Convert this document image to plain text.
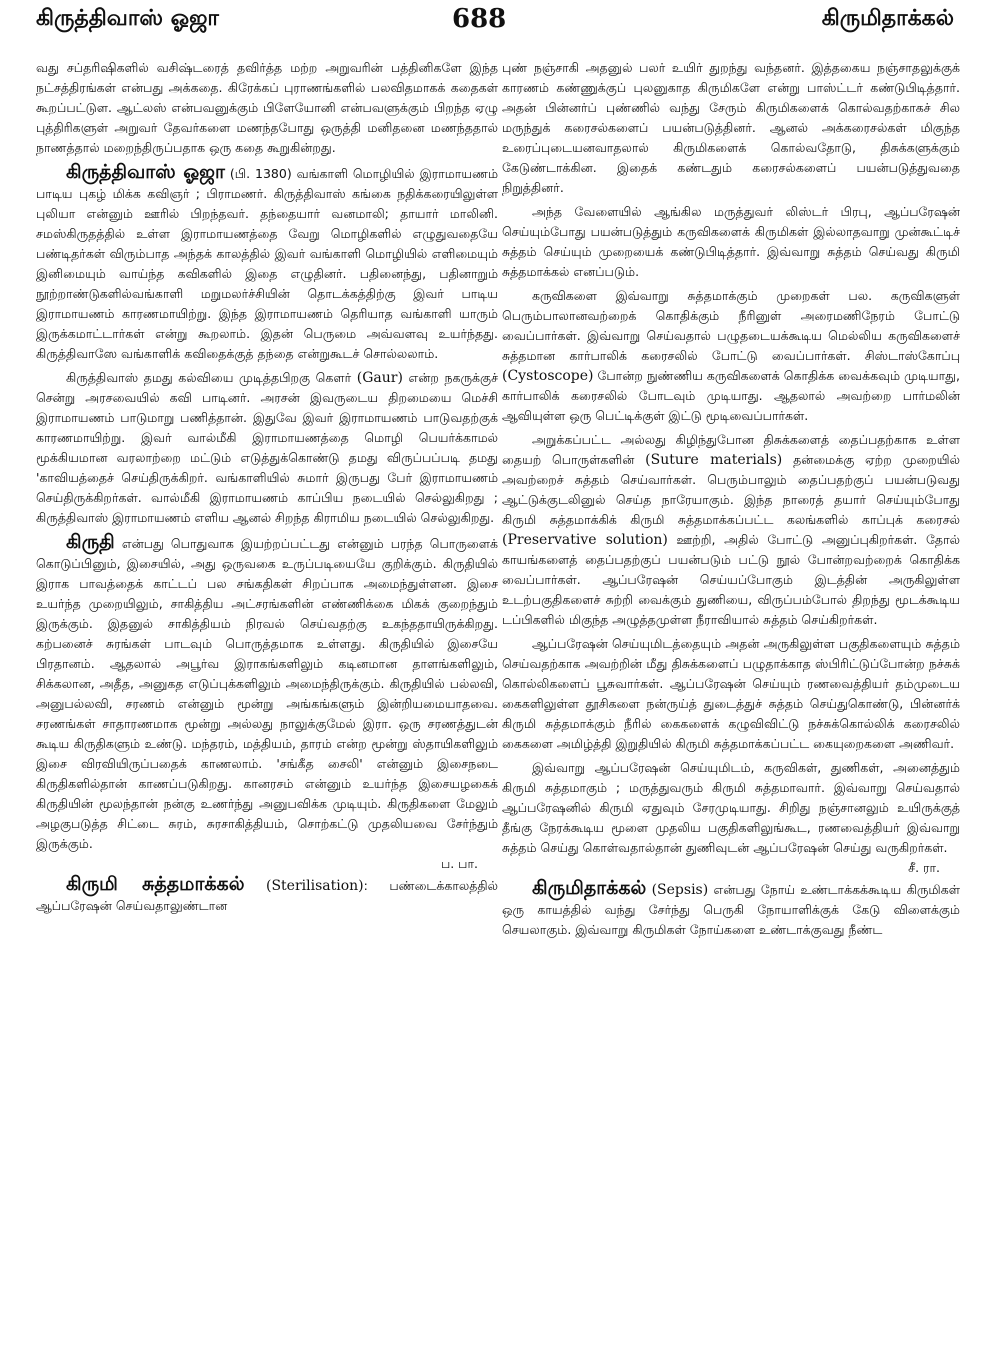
கிருத்திவாஸ் ஓஜா	688	கிருமிதாக்கல்

வது சப்தரிஷிகளில் வசிஷ்டரைத் தவிர்த்த மற்ற அறுவரின் பத்தினிகளே இந்த நட்சத்திரங்கள் என்பது அக்கதை. கிரேக்கப் புராணங்களில் பலவிதமாகக் கதைகள் கூறப்பட்டுள. ஆட்லஸ் என்பவனுக்கும் பிளேயோனி என்பவளுக்கும் பிறந்த ஏழு புத்திரிகளுள் அறுவர் தேவர்களை மணந்தபோது ஒருத்தி மனிதனை மணந்ததால் நாணத்தால் மறைந்திருப்பதாக ஒரு கதை கூறுகின்றது.

கிருத்திவாஸ் ஓஜா (பி. 1380) வங்காளி மொழியில் இராமாயணம் பாடிய புகழ் மிக்க கவிஞர் ; பிராமணர். கிருத்திவாஸ் கங்கை நதிக்கரையிலுள்ள புலியா என்னும் ஊரில் பிறந்தவர். தந்தையார் வனமாலி; தாயார் மாலினி. சமஸ்கிருதத்தில் உள்ள இராமாயணத்தை வேறு மொழிகளில் எழுதுவதையே பண்டிதர்கள் விரும்பாத அந்தக் காலத்தில் இவர் வங்காளி மொழியில் எளிமையும் இனிமையும் வாய்ந்த கவிகளில் இதை எழுதினர். பதினைந்து, பதினாறும் நூற்றாண்டுகளில்வங்காளி மறுமலர்ச்சியின் தொடக்கத்திற்கு இவர் பாடிய இராமாயணம் காரணமாயிற்று. இந்த இராமாயணம் தெரியாத வங்காளி யாரும் இருக்கமாட்டார்கள் என்று கூறலாம். இதன் பெருமை அவ்வளவு உயர்ந்தது. கிருத்திவாஸே வங்காளிக் கவிதைக்குத் தந்தை என்றுகூடச் சொல்லலாம்.

கிருத்திவாஸ் தமது கல்வியை முடித்தபிறகு கௌர் (Gaur) என்ற நகருக்குச் சென்று அரசவையில் கவி பாடினர். அரசன் இவருடைய திறமையை மெச்சி இராமாயணம் பாடுமாறு பணித்தான். இதுவே இவர் இராமாயணம் பாடுவதற்குக் காரணமாயிற்று. இவர் வால்மீகி இராமாயணத்தை மொழி பெயர்க்காமல் மூக்கியமான வரலாற்றை மட்டும் எடுத்துக்கொண்டு தமது விருப்பப்படி தமது 'காவியத்தைச் செய்திருக்கிறர். வங்காளியில் சுமார் இருபது பேர் இராமாயணம் செய்திருக்கிறர்கள். வால்மீகி இராமாயணம் காப்பிய நடையில் செல்லுகிறது ; கிருத்திவாஸ் இராமாயணம் எளிய ஆனல் சிறந்த கிராமிய நடையில் செல்லுகிறது.

கிருதி என்பது பொதுவாக இயற்றப்பட்டது என்னும் பரந்த பொருளைக் கொடுப்பினும், இசையில், அது ஒருவகை உருப்படியையே குறிக்கும். கிருதியில் இராக பாவத்தைக் காட்டப் பல சங்கதிகள் சிறப்பாக அமைந்துள்ளன. இசை உயர்ந்த முறையிலும், சாகித்திய அட்சரங்களின் எண்ணிக்கை மிகக் குறைந்தும் இருக்கும். இதனுல் சாகித்தியம் நிரவல் செய்வதற்கு உகந்ததாயிருக்கிறது. கற்பனைச் சுரங்கள் பாடவும் பொருத்தமாக உள்ளது. கிருதியில் இசையே பிரதானம். ஆதலால் அபூர்வ இராகங்களிலும் கடினமான தாளங்களிலும், சிக்கலான, அதீத, அனுகத எடுப்புக்களிலும் அமைந்திருக்கும். கிருதியில் பல்லவி, அனுபல்லவி, சரணம் என்னும் மூன்று அங்கங்களும் இன்றியமையாதவை. சரணங்கள் சாதாரணமாக மூன்று அல்லது நாலுக்குமேல் இரா. ஒரு சரணத்துடன் கூடிய கிருதிகளும் உண்டு. மந்தரம், மத்தியம், தாரம் என்ற மூன்று ஸ்தாயிகளிலும் இசை விரவியிருப்பதைக் காணலாம். 'சங்கீத சைலி' என்னும் இசைநடை கிருதிகளில்தான் காணப்படுகிறது. கானரசம் என்னும் உயர்ந்த இசையழகைக் கிருதியின் மூலந்தான் நன்கு உணர்ந்து அனுபவிக்க முடியும். கிருதிகளை மேலும் அழகுபடுத்த சிட்டை சுரம், சுரசாகித்தியம், சொற்கட்டு முதலியவை சேர்ந்தும் இருக்கும்.

ப. பா.

கிருமி சுத்தமாக்கல் (Sterilisation): பண்டைக்காலத்தில் ஆப்பரேஷன் செய்வதாலுண்டான

புண் நஞ்சாகி அதனுல் பலர் உயிர் துறந்து வந்தனர். இத்தகைய நஞ்சாதலுக்குக் காரணம் கண்ணுக்குப் புலனுகாத கிருமிகளே என்று பாஸ்ட்டர் கண்டுபிடித்தார். அதன் பின்னர்ப் புண்ணில் வந்து சேரும் கிருமிகளைக் கொல்வதற்காகச் சில மருந்துக் கரைசல்களைப் பயன்படுத்தினர். ஆனல் அக்கரைசல்கள் மிகுந்த உரைப்புடையனவாதலால் கிருமிகளைக் கொல்வதோடு, திசுக்களுக்கும் கேடுண்டாக்கின. இதைக் கண்டதும் கரைசல்களைப் பயன்படுத்துவதை நிறுத்தினர்.

அந்த வேளையில் ஆங்கில மருத்துவர் லிஸ்டர் பிரபு, ஆப்பரேஷன் செய்யும்போது பயன்படுத்தும் கருவிகளைக் கிருமிகள் இல்லாதவாறு முன்கூட்டிச் சுத்தம் செய்யும் முறையைக் கண்டுபிடித்தார். இவ்வாறு சுத்தம் செய்வது கிருமி சுத்தமாக்கல் எனப்படும்.

கருவிகளை இவ்வாறு சுத்தமாக்கும் முறைகள் பல. கருவிகளுள் பெரும்பாலானவற்றைக் கொதிக்கும் நீரினுள் அரைமணிநேரம் போட்டு வைப்பார்கள். இவ்வாறு செய்வதால் பழுதடையக்கூடிய மெல்லிய கருவிகளைச் சுத்தமான கார்பாலிக் கரைசலில் போட்டு வைப்பார்கள். சிஸ்டாஸ்கோப்பு (Cystoscope) போன்ற நுண்ணிய கருவிகளைக் கொதிக்க வைக்கவும் முடியாது, கார்பாலிக் கரைசலில் போடவும் முடியாது. ஆதலால் அவற்றை பார்மலின் ஆவியுள்ள ஒரு பெட்டிக்குள் இட்டு மூடிவைப்பார்கள்.

அறுக்கப்பட்ட அல்லது கிழிந்துபோன திசுக்களைத் தைப்பதற்காக உள்ள தையற் பொருள்களின் (Suture materials) தன்மைக்கு ஏற்ற முறையில் அவற்றைச் சுத்தம் செய்வார்கள். பெரும்பாலும் தைப்பதற்குப் பயன்படுவது ஆட்டுக்குடலினுல் செய்த நாரேயாகும். இந்த நாரைத் தயார் செய்யும்போது கிருமி சுத்தமாக்கிக் கிருமி சுத்தமாக்கப்பட்ட கலங்களில் காப்புக் கரைசல் (Preservative solution) ஊற்றி, அதில் போட்டு அனுப்புகிறர்கள். தோல் காயங்களைத் தைப்பதற்குப் பயன்படும் பட்டு நூல் போன்றவற்றைக் கொதிக்க வைப்பார்கள். ஆப்பரேஷன் செய்யப்போகும் இடத்தின் அருகிலுள்ள உடற்பகுதிகளைச் சுற்றி வைக்கும் துணியை, விருப்பம்போல் திறந்து மூடக்கூடிய டப்பிகளில் மிகுந்த அழுத்தமுள்ள நீராவியால் சுத்தம் செய்கிறர்கள்.

ஆப்பரேஷன் செய்யுமிடத்தையும் அதன் அருகிலுள்ள பகுதிகளையும் சுத்தம் செய்வதற்காக அவற்றின் மீது திசுக்களைப் பழுதாக்காத ஸ்பிரிட்டுப்போன்ற நச்சுக் கொல்லிகளைப் பூசுவார்கள். ஆப்பரேஷன் செய்யும் ரணவைத்தியர் தம்முடைய கைகளிலுள்ள தூசிகளை நன்ருய்த் துடைத்துச் சுத்தம் செய்துகொண்டு, பின்னர்க் கிருமி சுத்தமாக்கும் நீரில் கைகளைக் கழுவிவிட்டு நச்சுக்கொல்லிக் கரைசலில் கைகளை அமிழ்த்தி இறுதியில் கிருமி சுத்தமாக்கப்பட்ட கையுறைகளை அணிவர்.

இவ்வாறு ஆப்பரேஷன் செய்யுமிடம், கருவிகள், துணிகள், அனைத்தும் கிருமி சுத்தமாகும் ; மருத்துவரும் கிருமி சுத்தமாவார். இவ்வாறு செய்வதால் ஆப்பரேஷனில் கிருமி ஏதுவும் சேரமுடியாது. சிறிது நஞ்சானலும் உயிருக்குத் தீங்கு நேரக்கூடிய மூளை முதலிய பகுதிகளிலுங்கூட, ரணவைத்தியர் இவ்வாறு சுத்தம் செய்து கொள்வதால்தான் துணிவுடன் ஆப்பரேஷன் செய்து வருகிறர்கள்.

சீ. ரா.

கிருமிதாக்கல் (Sepsis) என்பது நோய் உண்டாக்கக்கூடிய கிருமிகள் ஒரு காயத்தில் வந்து சேர்ந்து பெருகி நோயாளிக்குக் கேடு விளைக்கும் செயலாகும். இவ்வாறு கிருமிகள் நோய்களை உண்டாக்குவது நீண்ட
